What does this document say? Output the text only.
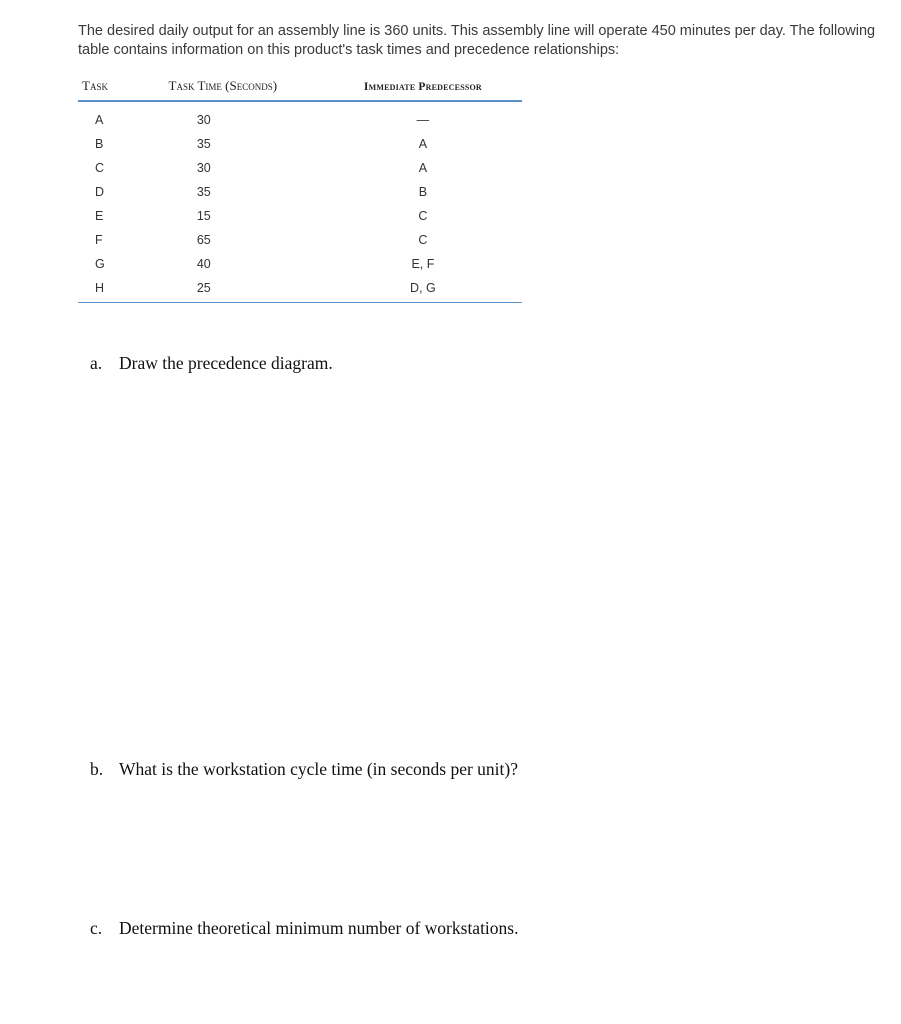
The desired daily output for an assembly line is 360 units. This assembly line will operate 450 minutes per day. The following table contains information on this product's task times and precedence relationships:

Task	Task Time (Seconds)	Immediate Predecessor
A	30	—
B	35	A
C	30	A
D	35	B
E	15	C
F	65	C
G	40	E, F
H	25	D, G

a. Draw the precedence diagram.

b. What is the workstation cycle time (in seconds per unit)?

c. Determine theoretical minimum number of workstations.
